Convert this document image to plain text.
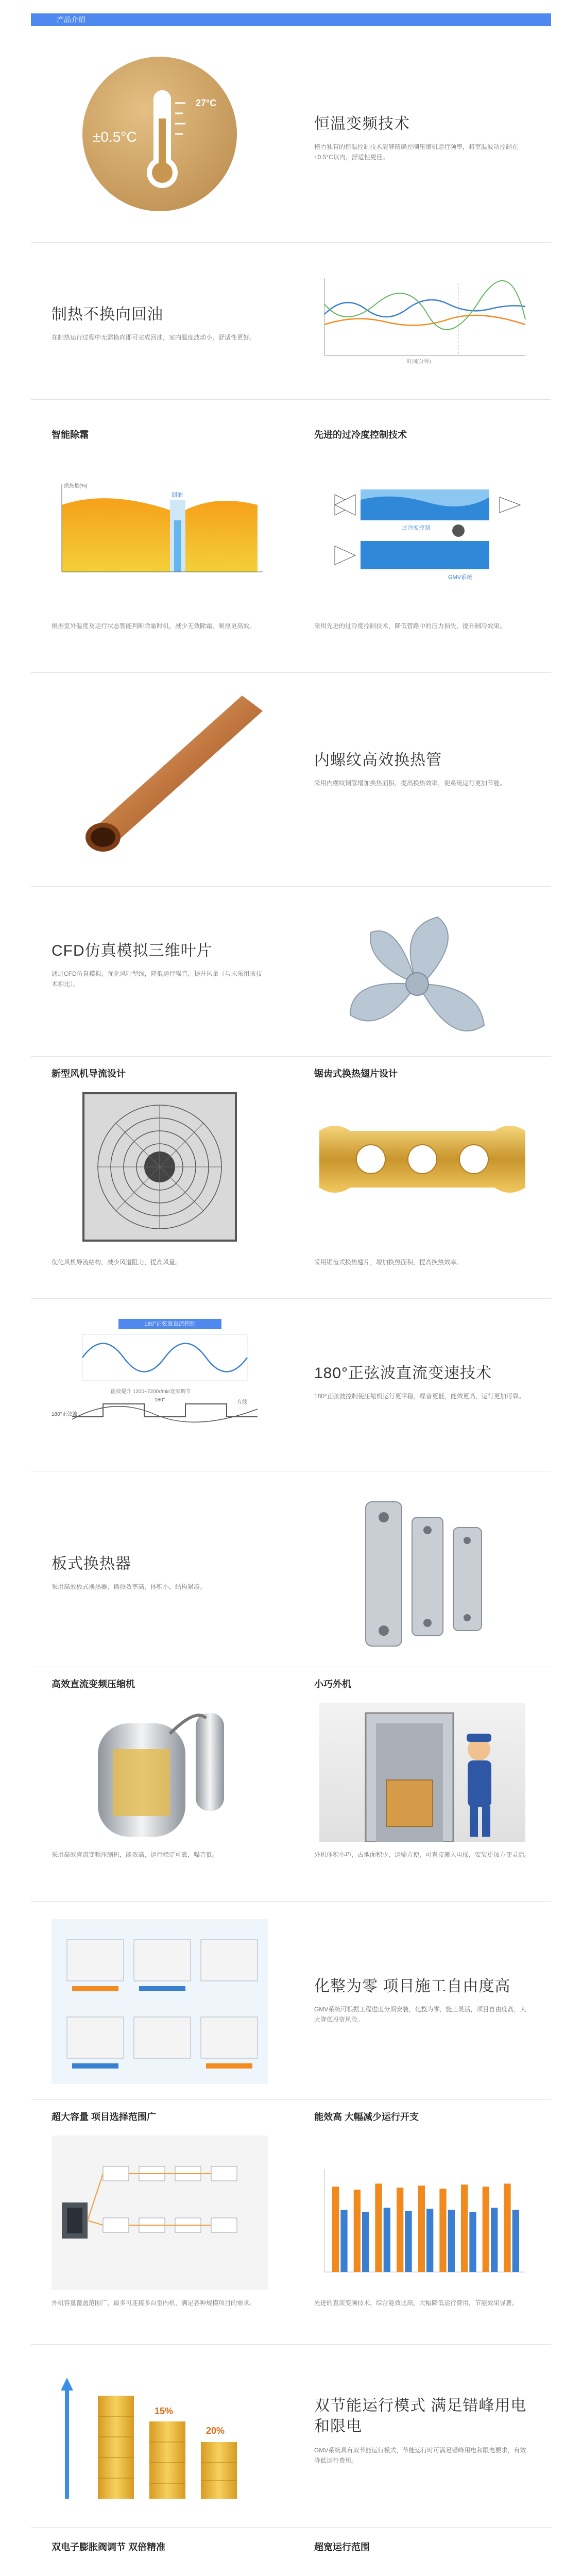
产品介绍
±0.5°C
27°C
恒温变频技术
格力独有的恒温控制技术能够精确控制压缩机运行频率，将室温波动控制在±0.5°C以内，舒适性更佳。
制热不换向回油
在制热运行过程中无需换向即可完成回油，室内温度波动小，舒适性更好。
时间(分钟)
智能除霜
回油
换热量(%)
根据室外温度及运行状态智能判断除霜时机，减少无效除霜，制热更高效。
先进的过冷度控制技术
过冷度控制
GMV系统
采用先进的过冷度控制技术，降低管路中的压力损失，提升制冷效果。
内螺纹高效换热管
采用内螺纹铜管增加换热面积，提高换热效率，使系统运行更加节能。
CFD仿真模拟三维叶片
通过CFD仿真模拟，优化风叶型线，降低运行噪音，提升风量（与未采用该技术相比）。
新型风机导流设计
优化风机导流结构，减少风道阻力，提高风量。
锯齿式换热翅片设计
采用锯齿式换热翅片，增加换热面积，提高换热效率。
180°正弦波直流控制
能效提升 1200~7200r/min宽频调节
180°
180°正弦波
方波
180°正弦波直流变速技术
180°正弦波控制使压缩机运行更平稳，噪音更低，能效更高，运行更加可靠。
板式换热器
采用高效板式换热器，换热效率高，体积小，结构紧凑。
高效直流变频压缩机
采用高效直流变频压缩机，能效高，运行稳定可靠，噪音低。
小巧外机
外机体积小巧，占地面积少，运输方便，可直接搬入电梯，安装更加方便灵活。
化整为零 项目施工自由度高
GMV系统可根据工程进度分期安装，化整为零，施工灵活，项目自由度高，大大降低投资风险。
超大容量 项目选择范围广
外机容量覆盖范围广，最多可连接多台室内机，满足各种规模项目的需求。
能效高 大幅减少运行开支
先进的直流变频技术，综合能效比高，大幅降低运行费用，节能效果显著。
15%
20%
双节能运行模式 满足错峰用电和限电
GMV系统具有双节能运行模式，节能运行时可满足错峰用电和限电要求，有效降低运行费用。
双电子膨胀阀调节 双倍精准	超宽运行范围
